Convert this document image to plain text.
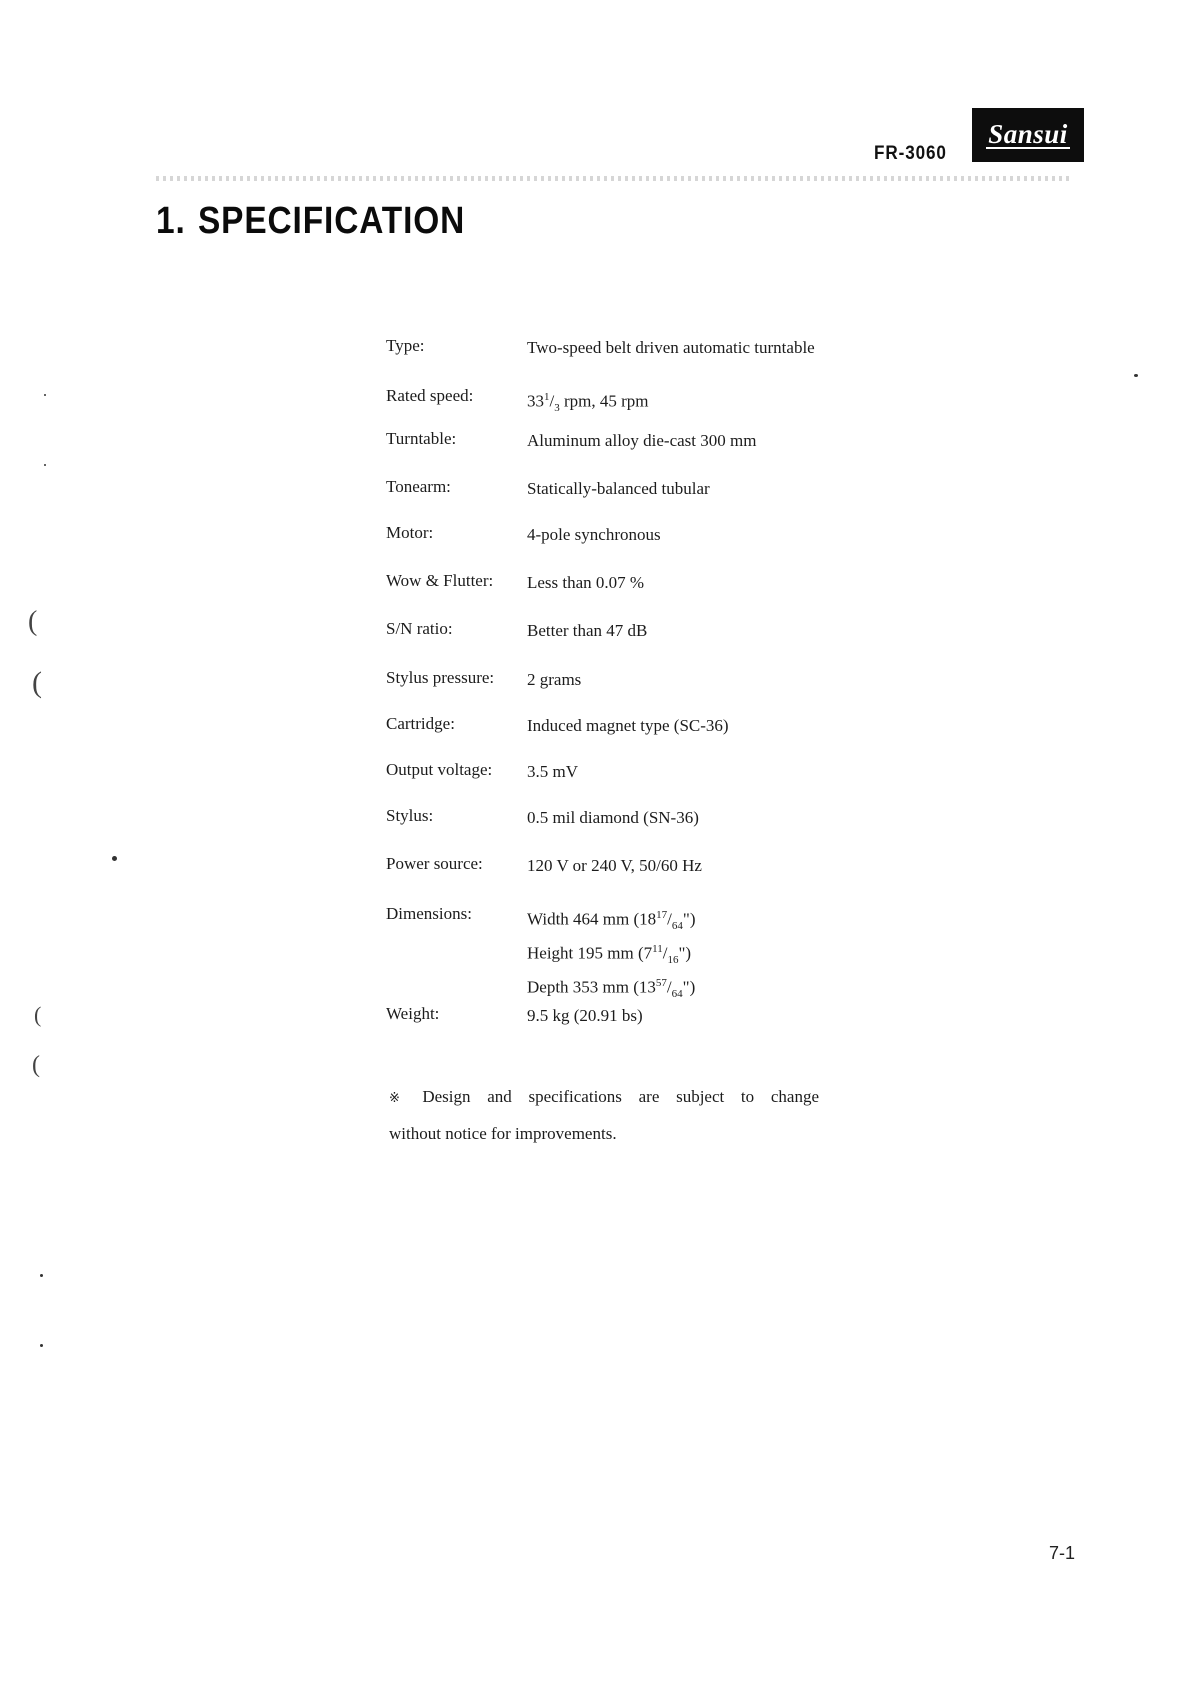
FR-3060
Sansui
1. SPECIFICATION
Type:	Two-speed belt driven automatic turntable
Rated speed:	$33^1/_3$ rpm, 45 rpm
Turntable:	Aluminum alloy die-cast 300 mm
Tonearm:	Statically-balanced tubular
Motor:	4-pole synchronous
Wow & Flutter:	Less than 0.07 %
S/N ratio:	Better than 47 dB
Stylus pressure:	2 grams
Cartridge:	Induced magnet type (SC-36)
Output voltage:	3.5 mV
Stylus:	0.5 mil diamond (SN-36)
Power source:	120 V or 240 V, 50/60 Hz
Dimensions:	Width 464 mm $(18^{17}/_{64}")$
Height 195 mm $(7^{11}/_{16}")$
Depth 353 mm $(13^{57}/_{64}")$
Weight:	9.5 kg (20.91 bs)
※ Design and specifications are subject to change
without notice for improvements.
7-1
(
(
(
(
